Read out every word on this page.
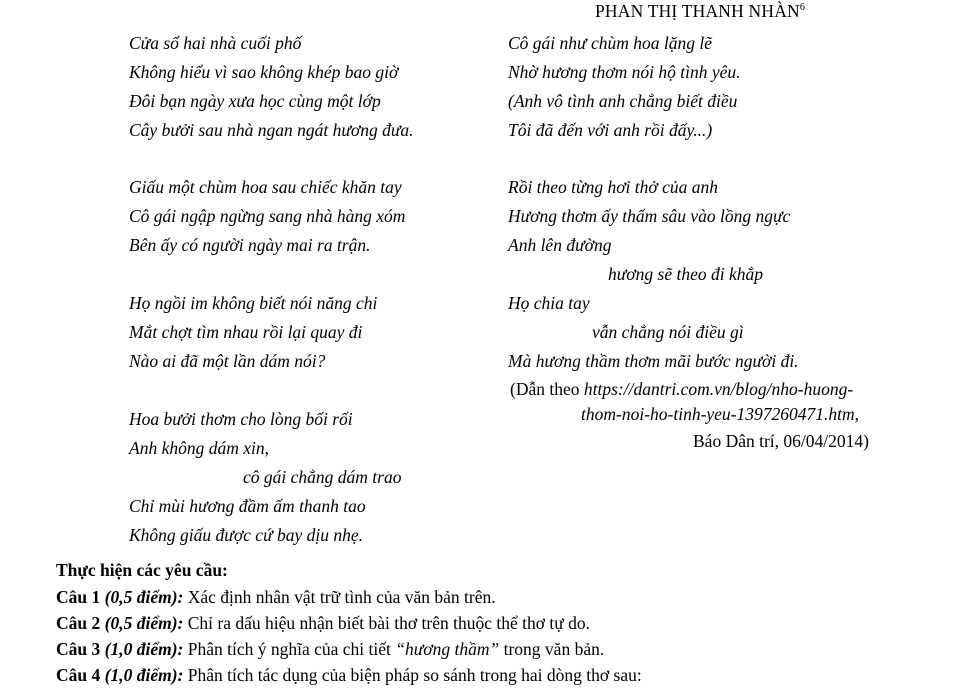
PHAN THỊ THANH NHÀN$^6$
Cửa sổ hai nhà cuối phố
Không hiểu vì sao không khép bao giờ
Đôi bạn ngày xưa học cùng một lớp
Cây bưởi sau nhà ngan ngát hương đưa.
Giấu một chùm hoa sau chiếc khăn tay
Cô gái ngập ngừng sang nhà hàng xóm
Bên ấy có người ngày mai ra trận.
Họ ngồi im không biết nói năng chi
Mắt chợt tìm nhau rồi lại quay đi
Nào ai đã một lần dám nói?
Hoa bưởi thơm cho lòng bối rối
Anh không dám xin,
cô gái chẳng dám trao
Chỉ mùi hương đầm ấm thanh tao
Không giấu được cứ bay dịu nhẹ.
Cô gái như chùm hoa lặng lẽ
Nhờ hương thơm nói hộ tình yêu.
(Anh vô tình anh chẳng biết điều
Tôi đã đến với anh rồi đấy...)
Rồi theo từng hơi thở của anh
Hương thơm ấy thấm sâu vào lồng ngực
Anh lên đường
hương sẽ theo đi khắp
Họ chia tay
vẫn chẳng nói điều gì
Mà hương thầm thơm mãi bước người đi.
(Dẫn theo https://dantri.com.vn/blog/nho-huong-
thom-noi-ho-tinh-yeu-1397260471.htm,
Báo Dân trí, 06/04/2014)
Thực hiện các yêu cầu:
Câu 1 (0,5 điểm): Xác định nhân vật trữ tình của văn bản trên.
Câu 2 (0,5 điểm): Chỉ ra dấu hiệu nhận biết bài thơ trên thuộc thể thơ tự do.
Câu 3 (1,0 điểm): Phân tích ý nghĩa của chi tiết “hương thầm” trong văn bản.
Câu 4 (1,0 điểm): Phân tích tác dụng của biện pháp so sánh trong hai dòng thơ sau:
